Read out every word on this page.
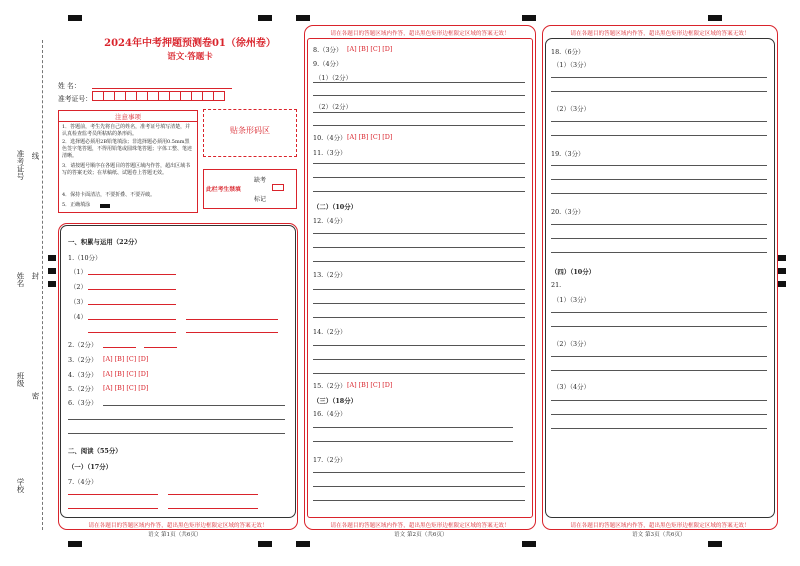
准考证号 线
姓名 封
班级
密
学校
2024年中考押题预测卷01（徐州卷）
语文·答题卡
姓 名：
准考证号：
注意事项
1．答题前，考生先将自己的姓名，准考证号填写清楚，并认真检查监考员所粘贴的条形码。
2．选择题必须用2B铅笔填涂；非选择题必须用0.5mm黑色签字笔答题，不得用铅笔或圆珠笔答题；字体工整、笔迹清晰。
3．请按题号顺序在各题目的答题区域内作答，超出区域书写的答案无效；在草稿纸、试题卷上答题无效。
4．保持卡面清洁，不要折叠、不要弄破。
5．正确填涂
贴条形码区
此栏考生禁填
缺考
标记
一、积累与运用（22分）
1.（10分）
（1）
（2）
（3）
（4）
2.（2分）
3.（2分） [A] [B] [C] [D]
4.（3分） [A] [B] [C] [D]
5.（2分） [A] [B] [C] [D]
6.（3分）
二、阅读（55分）
（一）（17分）
7.（4分）
请在各题目的答题区域内作答，超出黑色矩形边框限定区域的答案无效！
语文 第1页（共6页）
请在各题目的答题区域内作答，超出黑色矩形边框限定区域的答案无效！
8.（3分） [A] [B] [C] [D]
9.（4分）
（1）（2分）
（2）（2分）
10.（4分） [A] [B] [C] [D]
11.（3分）
（二）（10分）
12.（4分）
13.（2分）
14.（2分）
15.（2分） [A] [B] [C] [D]
（三）（18分）
16.（4分）
17.（2分）
请在各题目的答题区域内作答，超出黑色矩形边框限定区域的答案无效！
语文 第2页（共6页）
请在各题目的答题区域内作答，超出黑色矩形边框限定区域的答案无效！
18.（6分）
（1）（3分）
（2）（3分）
19.（3分）
20.（3分）
（四）（10分）
21.
（1）（3分）
（2）（3分）
（3）（4分）
请在各题目的答题区域内作答，超出黑色矩形边框限定区域的答案无效！
语文 第3页（共6页）
